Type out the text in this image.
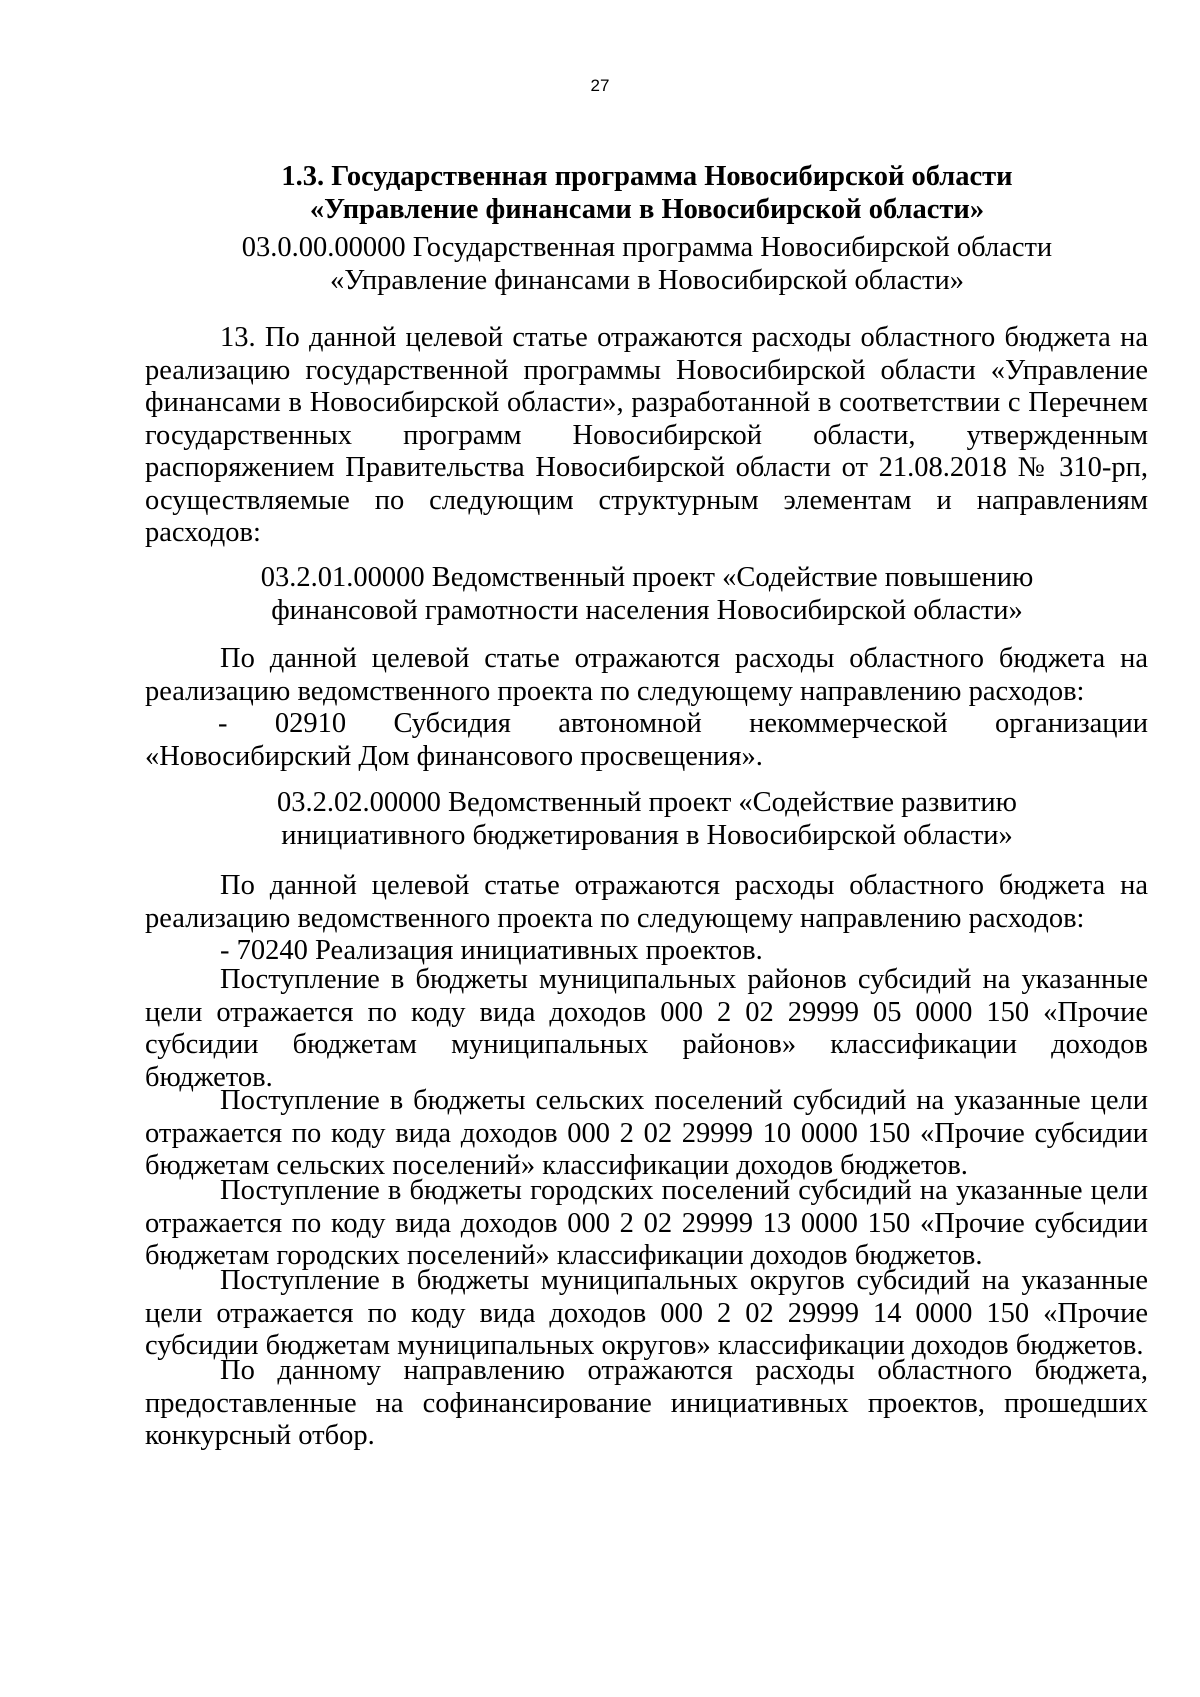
27
1.3. Государственная программа Новосибирской области
«Управление финансами в Новосибирской области»
03.0.00.00000 Государственная программа Новосибирской области
«Управление финансами в Новосибирской области»
13. По данной целевой статье отражаются расходы областного бюджета на
реализацию государственной программы Новосибирской области «Управление
финансами в Новосибирской области», разработанной в соответствии с Перечнем
государственных программ Новосибирской области, утвержденным
распоряжением Правительства Новосибирской области от 21.08.2018 № 310-рп,
осуществляемые по следующим структурным элементам и направлениям
расходов:
03.2.01.00000 Ведомственный проект «Содействие повышению
финансовой грамотности населения Новосибирской области»
По данной целевой статье отражаются расходы областного бюджета на
реализацию ведомственного проекта по следующему направлению расходов:
- 02910 Субсидия автономной некоммерческой организации
«Новосибирский Дом финансового просвещения».
03.2.02.00000 Ведомственный проект «Содействие развитию
инициативного бюджетирования в Новосибирской области»
По данной целевой статье отражаются расходы областного бюджета на
реализацию ведомственного проекта по следующему направлению расходов:
- 70240 Реализация инициативных проектов.
Поступление в бюджеты муниципальных районов субсидий на указанные
цели отражается по коду вида доходов 000 2 02 29999 05 0000 150 «Прочие
субсидии бюджетам муниципальных районов» классификации доходов
бюджетов.
Поступление в бюджеты сельских поселений субсидий на указанные цели
отражается по коду вида доходов 000 2 02 29999 10 0000 150 «Прочие субсидии
бюджетам сельских поселений» классификации доходов бюджетов.
Поступление в бюджеты городских поселений субсидий на указанные цели
отражается по коду вида доходов 000 2 02 29999 13 0000 150 «Прочие субсидии
бюджетам городских поселений» классификации доходов бюджетов.
Поступление в бюджеты муниципальных округов субсидий на указанные
цели отражается по коду вида доходов 000 2 02 29999 14 0000 150 «Прочие
субсидии бюджетам муниципальных округов» классификации доходов бюджетов.
По данному направлению отражаются расходы областного бюджета,
предоставленные на софинансирование инициативных проектов, прошедших
конкурсный отбор.
